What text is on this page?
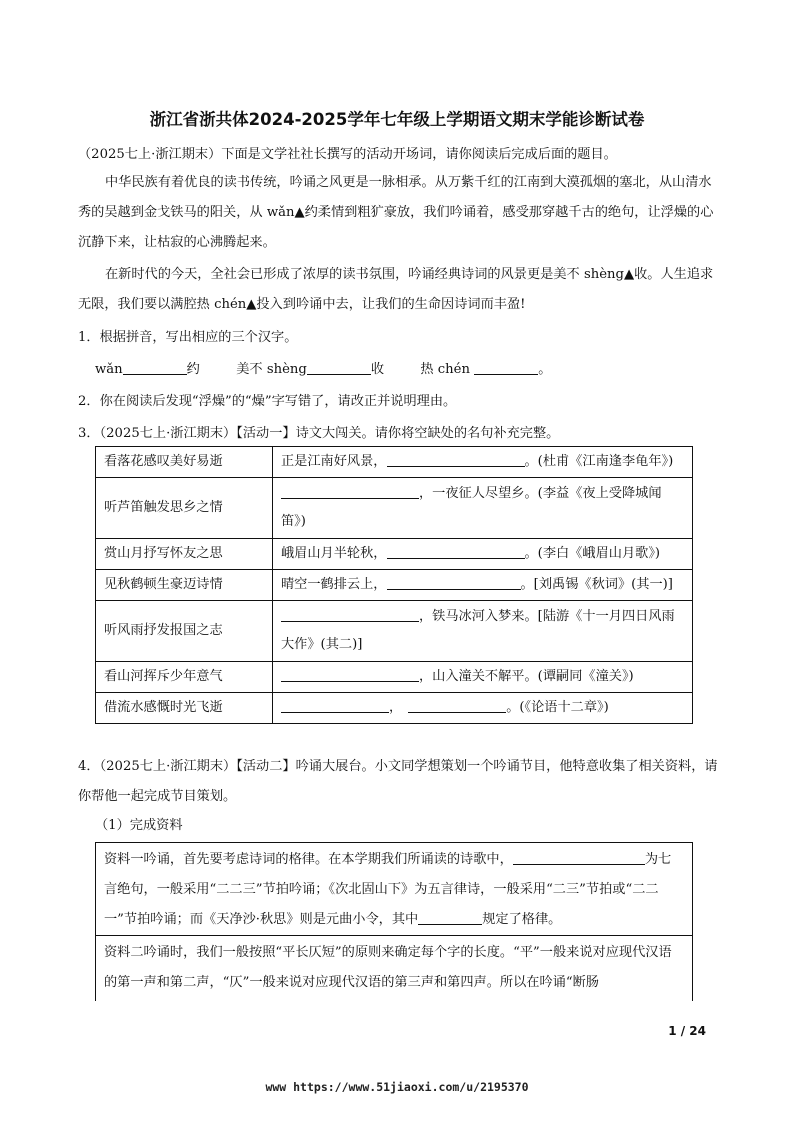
浙江省浙共体2024-2025学年七年级上学期语文期末学能诊断试卷

（2025七上·浙江期末）下面是文学社社长撰写的活动开场词，请你阅读后完成后面的题目。

中华民族有着优良的读书传统，吟诵之风更是一脉相承。从万紫千红的江南到大漠孤烟的塞北，从山清水秀的吴越到金戈铁马的阳关，从 wǎn▲约柔情到粗犷豪放，我们吟诵着，感受那穿越千古的绝句，让浮燥的心沉静下来，让枯寂的心沸腾起来。

在新时代的今天，全社会已形成了浓厚的读书氛围，吟诵经典诗词的风景更是美不 shèng▲收。人生追求无限，我们要以满腔热 chén▲投入到吟诵中去，让我们的生命因诗词而丰盈!

1．根据拼音，写出相应的三个汉字。
wǎn	约	美不 shèng	收	热 chén	。
2．你在阅读后发现“浮燥”的“燥”字写错了，请改正并说明理由。
3．（2025七上·浙江期末）【活动一】诗文大闯关。请你将空缺处的名句补充完整。
看落花感叹美好易逝	正是江南好风景， 。(杜甫《江南逢李龟年》)
听芦笛触发思乡之情	，一夜征人尽望乡。(李益《夜上受降城闻笛》)
赏山月抒写怀友之思	峨眉山月半轮秋， 。(李白《峨眉山月歌》)
见秋鹤顿生豪迈诗情	晴空一鹤排云上， 。[刘禹锡《秋词》(其一)]
听风雨抒发报国之志	，铁马冰河入梦来。[陆游《十一月四日风雨大作》(其二)]
看山河挥斥少年意气	，山入潼关不解平。(谭嗣同《潼关》)
借流水感慨时光飞逝	， 。(《论语十二章》)

4．（2025七上·浙江期末）【活动二】吟诵大展台。小文同学想策划一个吟诵节目，他特意收集了相关资料，请你帮他一起完成节目策划。

（1）完成资料
资料一吟诵，首先要考虑诗词的格律。在本学期我们所诵读的诗歌中，	为七言绝句，一般采用“二二三”节拍吟诵；《次北固山下》为五言律诗，一般采用“二三”节拍或“二二一”节拍吟诵；而《天净沙·秋思》则是元曲小令，其中	规定了格律。
资料二吟诵时，我们一般按照“平长仄短”的原则来确定每个字的长度。“平”一般来说对应现代汉语的第一声和第二声，“仄”一般来说对应现代汉语的第三声和第四声。所以在吟诵“断肠
1 / 24
www https://www.51jiaoxi.com/u/2195370
